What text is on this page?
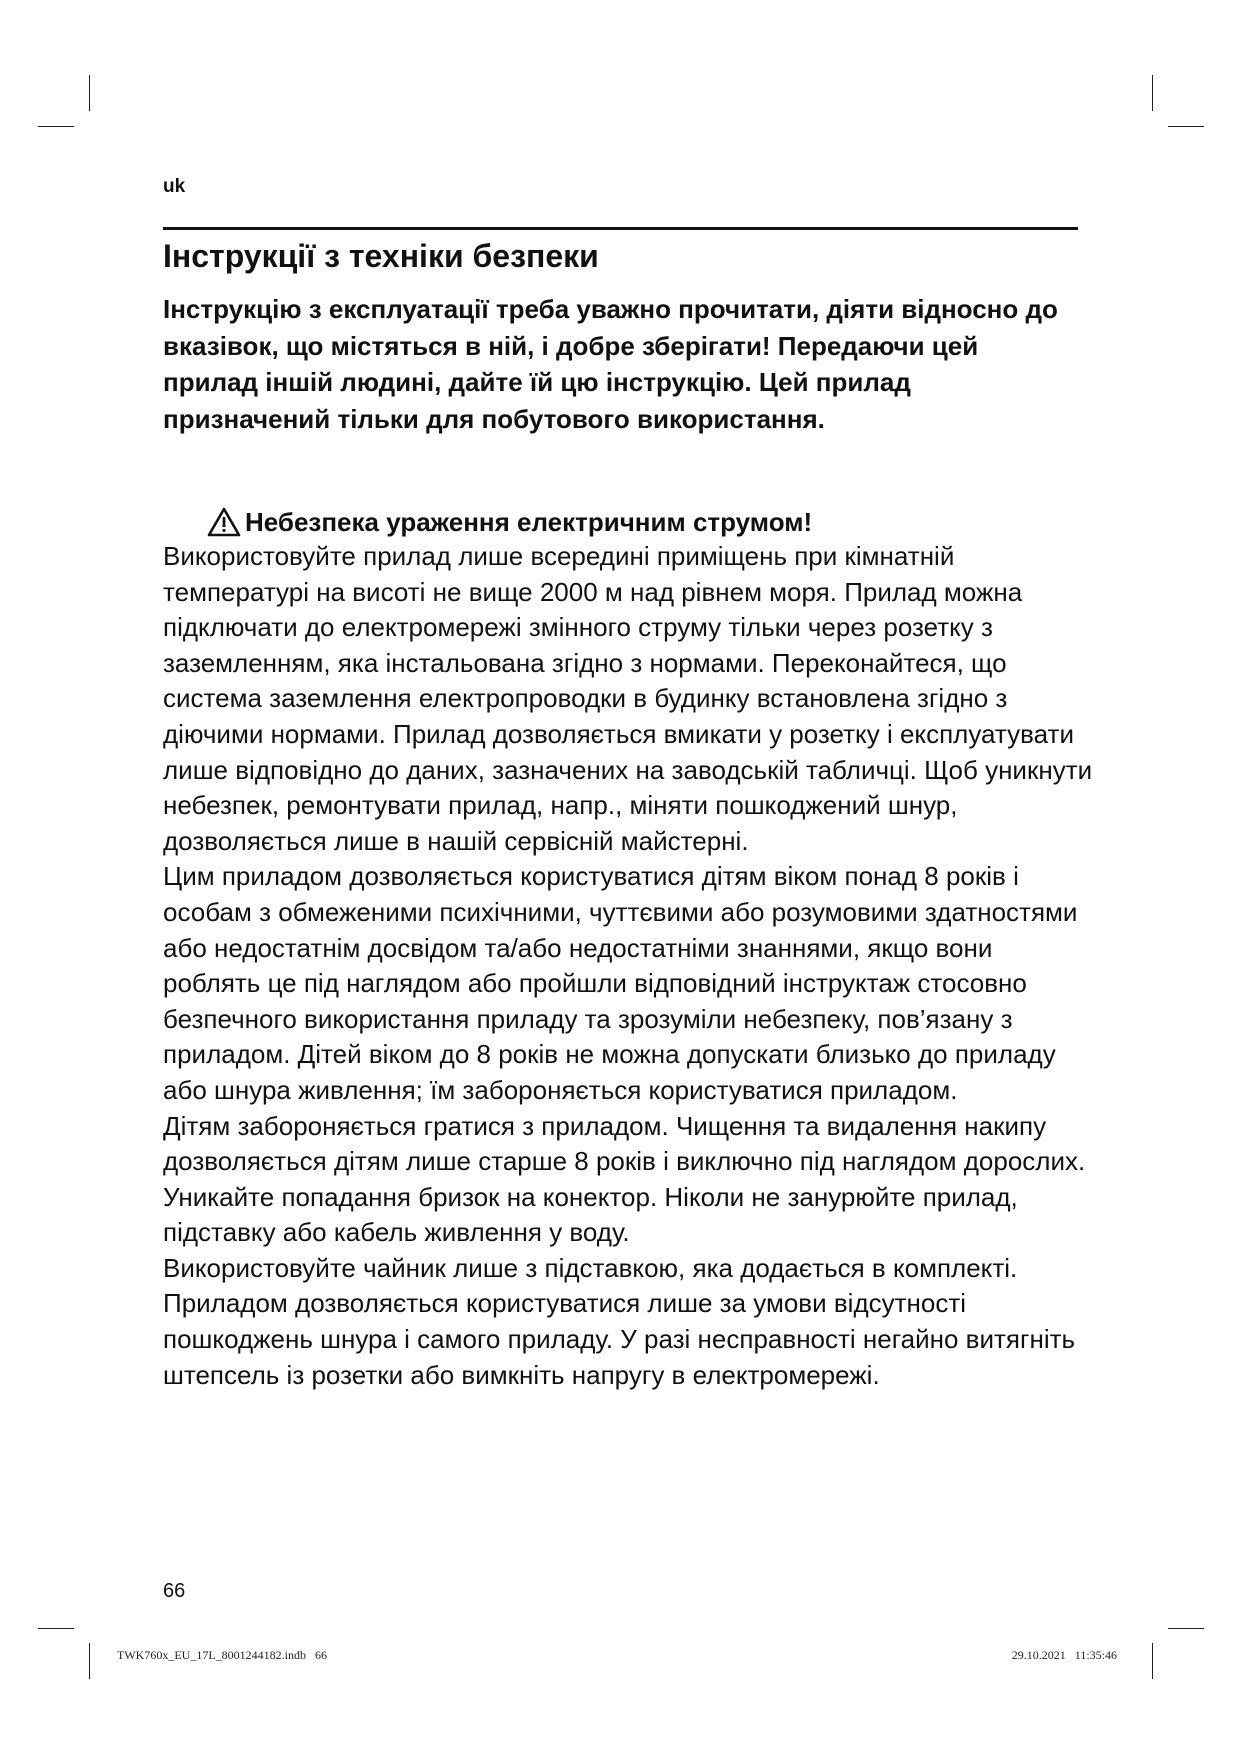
uk
Інструкції з техніки безпеки
Інструкцію з експлуатації треба уважно прочитати, діяти відносно до вказівок, що містяться в ній, і добре зберігати! Передаючи цей прилад іншій людині, дайте їй цю інструкцію. Цей прилад призначений тільки для побутового використання.
Небезпека ураження електричним струмом!

Використовуйте прилад лише всередині приміщень при кімнатній температурі на висоті не вище 2000 м над рівнем моря. Прилад можна підключати до електромережі змінного струму тільки через розетку з заземленням, яка інстальована згідно з нормами. Переконайтеся, що система заземлення електропроводки в будинку встановлена згідно з діючими нормами. Прилад дозволяється вмикати у розетку і експлуатувати лише відповідно до даних, зазначених на заводській табличці. Щоб уникнути небезпек, ремонтувати прилад, напр., міняти пошкоджений шнур, дозволяється лише в нашій сервісній майстерні.

Цим приладом дозволяється користуватися дітям віком понад 8 років і особам з обмеженими психічними, чуттєвими або розумовими здатностями або недостатнім досвідом та/або недостатніми знаннями, якщо вони роблять це під наглядом або пройшли відповідний інструктаж стосовно безпечного використання приладу та зрозуміли небезпеку, пов’язану з приладом. Дітей віком до 8 років не можна допускати близько до приладу або шнура живлення; їм забороняється користуватися приладом.

Дітям забороняється гратися з приладом. Чищення та видалення накипу дозволяється дітям лише старше 8 років і виключно під наглядом дорослих. Уникайте попадання бризок на конектор. Ніколи не занурюйте прилад, підставку або кабель живлення у воду.

Використовуйте чайник лише з підставкою, яка додається в комплекті. Приладом дозволяється користуватися лише за умови відсутності пошкоджень шнура і самого приладу. У разі несправності негайно витягніть штепсель із розетки або вимкніть напругу в електромережі.

66
TWK760x_EU_17L_8001244182.indb   66	29.10.2021   11:35:46
